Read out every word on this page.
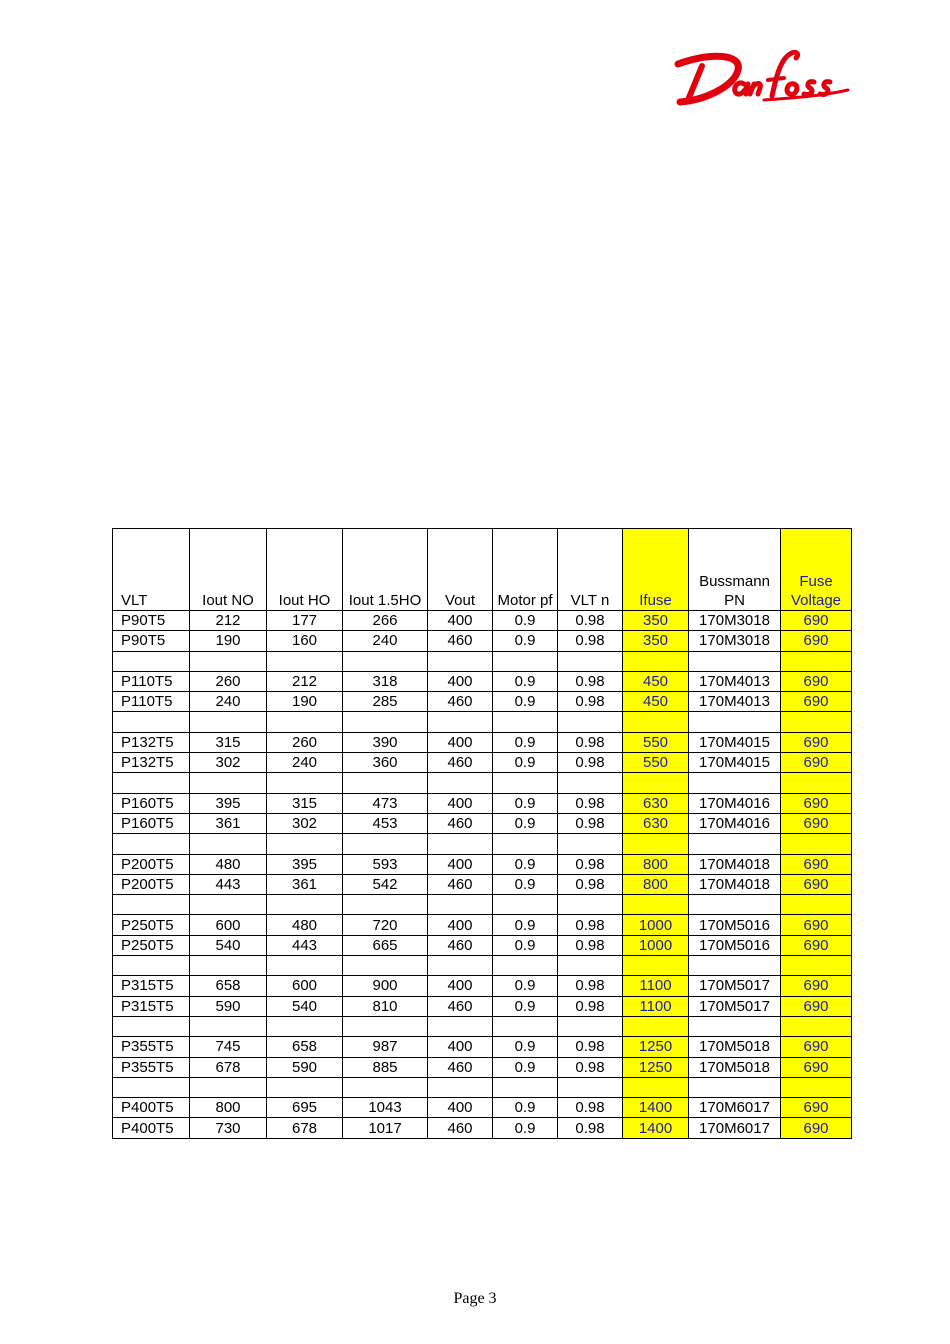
VLT	Iout NO	Iout HO	Iout 1.5HO	Vout	Motor pf	VLT n	Ifuse	Bussmann PN	Fuse Voltage
P90T5	212	177	266	400	0.9	0.98	350	170M3018	690
P90T5	190	160	240	460	0.9	0.98	350	170M3018	690

P110T5	260	212	318	400	0.9	0.98	450	170M4013	690
P110T5	240	190	285	460	0.9	0.98	450	170M4013	690

P132T5	315	260	390	400	0.9	0.98	550	170M4015	690
P132T5	302	240	360	460	0.9	0.98	550	170M4015	690

P160T5	395	315	473	400	0.9	0.98	630	170M4016	690
P160T5	361	302	453	460	0.9	0.98	630	170M4016	690

P200T5	480	395	593	400	0.9	0.98	800	170M4018	690
P200T5	443	361	542	460	0.9	0.98	800	170M4018	690

P250T5	600	480	720	400	0.9	0.98	1000	170M5016	690
P250T5	540	443	665	460	0.9	0.98	1000	170M5016	690

P315T5	658	600	900	400	0.9	0.98	1100	170M5017	690
P315T5	590	540	810	460	0.9	0.98	1100	170M5017	690

P355T5	745	658	987	400	0.9	0.98	1250	170M5018	690
P355T5	678	590	885	460	0.9	0.98	1250	170M5018	690

P400T5	800	695	1043	400	0.9	0.98	1400	170M6017	690
P400T5	730	678	1017	460	0.9	0.98	1400	170M6017	690
Page 3
